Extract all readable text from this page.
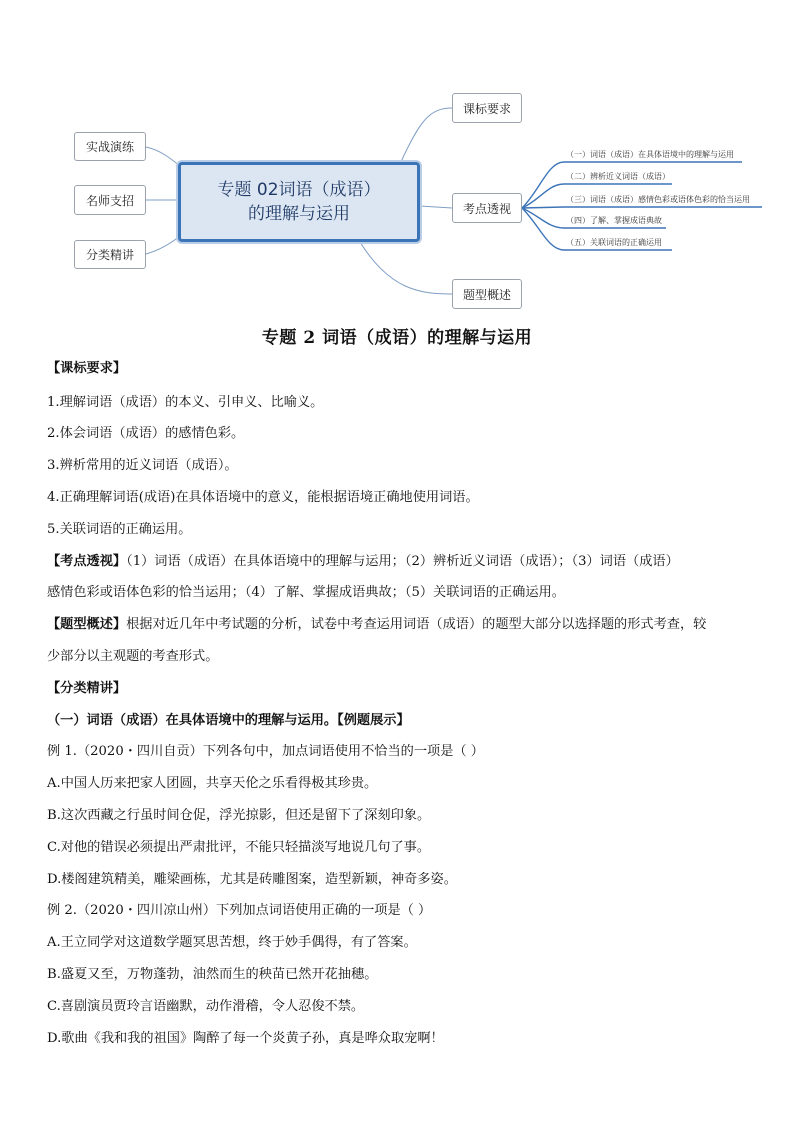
实战演练
名师支招
分类精讲
专题 02词语（成语）
的理解与运用
课标要求
考点透视
题型概述
（一）词语（成语）在具体语境中的理解与运用
（二）辨析近义词语（成语）
（三）词语（成语）感情色彩或语体色彩的恰当运用
（四）了解、掌握成语典故
（五）关联词语的正确运用
专题 2 词语（成语）的理解与运用
【课标要求】
1.理解词语（成语）的本义、引申义、比喻义。
2.体会词语（成语）的感情色彩。
3.辨析常用的近义词语（成语）。
4.正确理解词语(成语)在具体语境中的意义，能根据语境正确地使用词语。
5.关联词语的正确运用。
【考点透视】（1）词语（成语）在具体语境中的理解与运用；（2）辨析近义词语（成语）；（3）词语（成语）
感情色彩或语体色彩的恰当运用；（4）了解、掌握成语典故；（5）关联词语的正确运用。
【题型概述】根据对近几年中考试题的分析，试卷中考查运用词语（成语）的题型大部分以选择题的形式考查，较
少部分以主观题的考查形式。
【分类精讲】
（一）词语（成语）在具体语境中的理解与运用。【例题展示】
例 1.（2020・四川自贡）下列各句中，加点词语使用不恰当的一项是（ ）
A.中国人历来把家人团圆，共享天伦之乐看得极其珍贵。
B.这次西藏之行虽时间仓促，浮光掠影，但还是留下了深刻印象。
C.对他的错误必须提出严肃批评，不能只轻描淡写地说几句了事。
D.楼阁建筑精美，雕梁画栋，尤其是砖雕图案，造型新颖，神奇多姿。
例 2.（2020・四川凉山州）下列加点词语使用正确的一项是（ ）
A.王立同学对这道数学题冥思苦想，终于妙手偶得，有了答案。
B.盛夏又至，万物蓬勃，油然而生的秧苗已然开花抽穗。
C.喜剧演员贾玲言语幽默，动作滑稽，令人忍俊不禁。
D.歌曲《我和我的祖国》陶醉了每一个炎黄子孙，真是哗众取宠啊！
